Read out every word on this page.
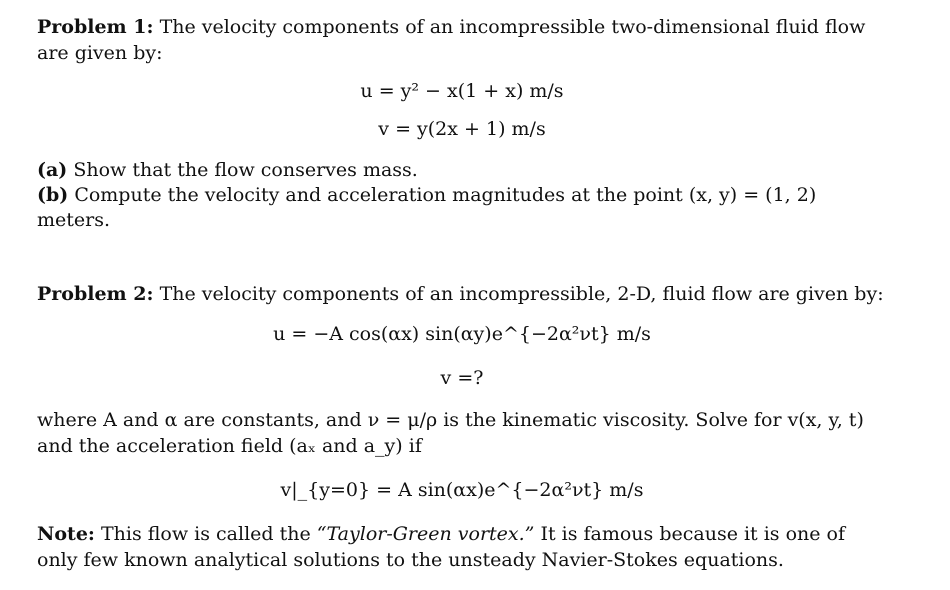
Problem 1: The velocity components of an incompressible two-dimensional fluid flow are given by:

u = y² − x(1 + x) m/s
v = y(2x + 1) m/s
(a) Show that the flow conserves mass.
(b) Compute the velocity and acceleration magnitudes at the point (x, y) = (1, 2) meters.

Problem 2: The velocity components of an incompressible, 2-D, fluid flow are given by:

u = −A cos(αx) sin(αy)e^{−2α²νt} m/s
v =?

where A and α are constants, and ν = μ/ρ is the kinematic viscosity. Solve for v(x, y, t) and the acceleration field (aₓ and a_y) if

v|_{y=0} = A sin(αx)e^{−2α²νt} m/s

Note: This flow is called the “Taylor-Green vortex.” It is famous because it is one of only few known analytical solutions to the unsteady Navier-Stokes equations.
